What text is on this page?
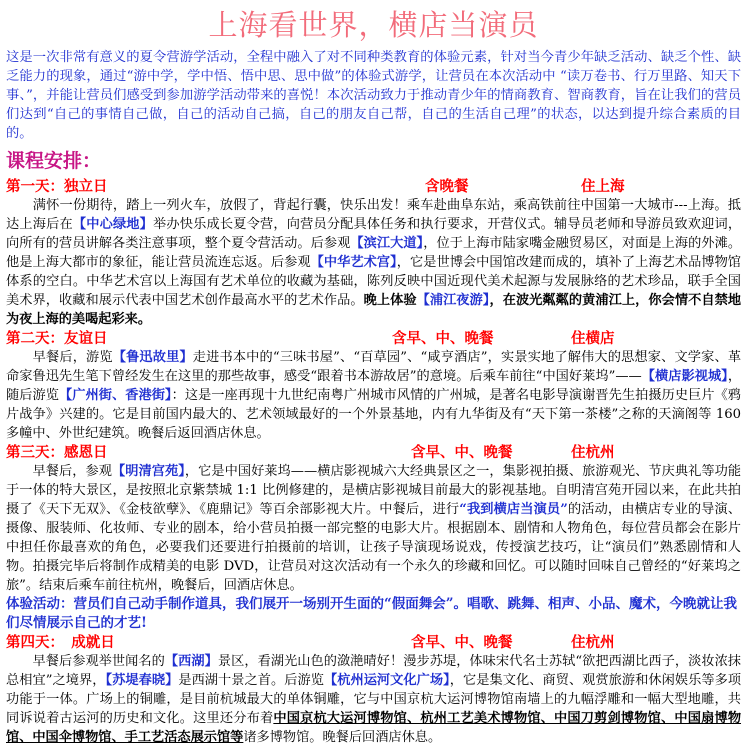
上海看世界，横店当演员

这是一次非常有意义的夏令营游学活动，全程中融入了对不同种类教育的体验元素，针对当今青少年缺乏活动、缺乏个性、缺乏能力的现象，通过“游中学，学中悟、悟中思、思中做”的体验式游学，让营员在本次活动中 “读万卷书、行万里路、知天下事、”，并能让营员们感受到参加游学活动带来的喜悦！本次活动致力于推动青少年的情商教育、智商教育，旨在让我们的营员们达到“自己的事情自己做，自己的活动自己搞，自己的朋友自己帮，自己的生活自己理”的状态，以达到提升综合素质的目的。

课程安排：
第一天：独立日	含晚餐	住上海

　　满怀一份期待，踏上一列火车，放假了，背起行囊，快乐出发！乘车赴曲阜东站，乘高铁前往中国第一大城市---上海。抵达上海后在【中心绿地】举办快乐成长夏令营，向营员分配具体任务和执行要求，开营仪式。辅导员老师和导游员致欢迎词，向所有的营员讲解各类注意事项，整个夏令营活动。后参观【滨江大道】，位于上海市陆家嘴金融贸易区，对面是上海的外滩。他是上海大都市的象征，能让营员流连忘返。后参观【中华艺术宫】，它是世博会中国馆改建而成的，填补了上海艺术品博物馆体系的空白。中华艺术宫以上海国有艺术单位的收藏为基础，陈列反映中国近现代美术起源与发展脉络的艺术珍品，联手全国美术界，收藏和展示代表中国艺术创作最高水平的艺术作品。晚上体验【浦江夜游】，在波光粼粼的黄浦江上，你会情不自禁地为夜上海的美喝起彩来。

第二天：友谊日	含早、中、晚餐	住横店

　　早餐后，游览【鲁迅故里】走进书本中的“三味书屋”、“百草园”、“咸亨酒店”，实景实地了解伟大的思想家、文学家、革命家鲁迅先生笔下曾经发生在这里的那些故事，感受“跟着书本游故居”的意境。后乘车前往“中国好莱坞”——【横店影视城】，随后游览【广州街、香港街】：这是一座再现十九世纪南粤广州城市风情的广州城，是著名电影导演谢晋先生拍摄历史巨片《鸦片战争》兴建的。它是目前国内最大的、艺术领域最好的一个外景基地，内有九华街及有“天下第一茶楼”之称的天滴阁等 160 多幢中、外世纪建筑。晚餐后返回酒店休息。

第三天：感恩日	含早、中、晚餐	住杭州

　　早餐后，参观【明清宫苑】，它是中国好莱坞——横店影视城六大经典景区之一，集影视拍摄、旅游观光、节庆典礼等功能于一体的特大景区，是按照北京紫禁城 1:1 比例修建的，是横店影视城目前最大的影视基地。自明清宫苑开园以来，在此共拍摄了《天下无双》、《金枝欲孽》、《鹿鼎记》等百余部影视大片。中餐后，进行“我到横店当演员”的活动，由横店专业的导演、摄像、服装师、化妆师、专业的剧本，给小营员拍摄一部完整的电影大片。根据剧本、剧情和人物角色，每位营员都会在影片中担任你最喜欢的角色，必要我们还要进行拍摄前的培训，让孩子导演现场说戏，传授演艺技巧，让“演员们”熟悉剧情和人物。拍摄完毕后将制作成精美的电影 DVD，让营员对这次活动有一个永久的珍藏和回忆。可以随时回味自己曾经的“好莱坞之旅”。结束后乘车前往杭州，晚餐后，回酒店休息。

体验活动：营员们自己动手制作道具，我们展开一场别开生面的“假面舞会”。唱歌、跳舞、相声、小品、魔术，今晚就让我们尽情展示自己的才艺!

第四天：　成就日	含早、中、晚餐	住杭州

　　早餐后参观举世闻名的【西湖】景区，看湖光山色的潋滟晴好！漫步苏堤，体味宋代名士苏轼“欲把西湖比西子，淡妆浓抹总相宜”之境界，【苏堤春晓】是西湖十景之首。后游览【杭州运河文化广场】，它是集文化、商贸、观赏旅游和休闲娱乐等多项功能于一体。广场上的铜雕，是目前杭城最大的单体铜雕，它与中国京杭大运河博物馆南墙上的九幅浮雕和一幅大型地雕，共同诉说着古运河的历史和文化。这里还分布着中国京杭大运河博物馆、杭州工艺美术博物馆、中国刀剪剑博物馆、中国扇博物馆、中国伞博物馆、手工艺活态展示馆等诸多博物馆。晚餐后回酒店休息。
